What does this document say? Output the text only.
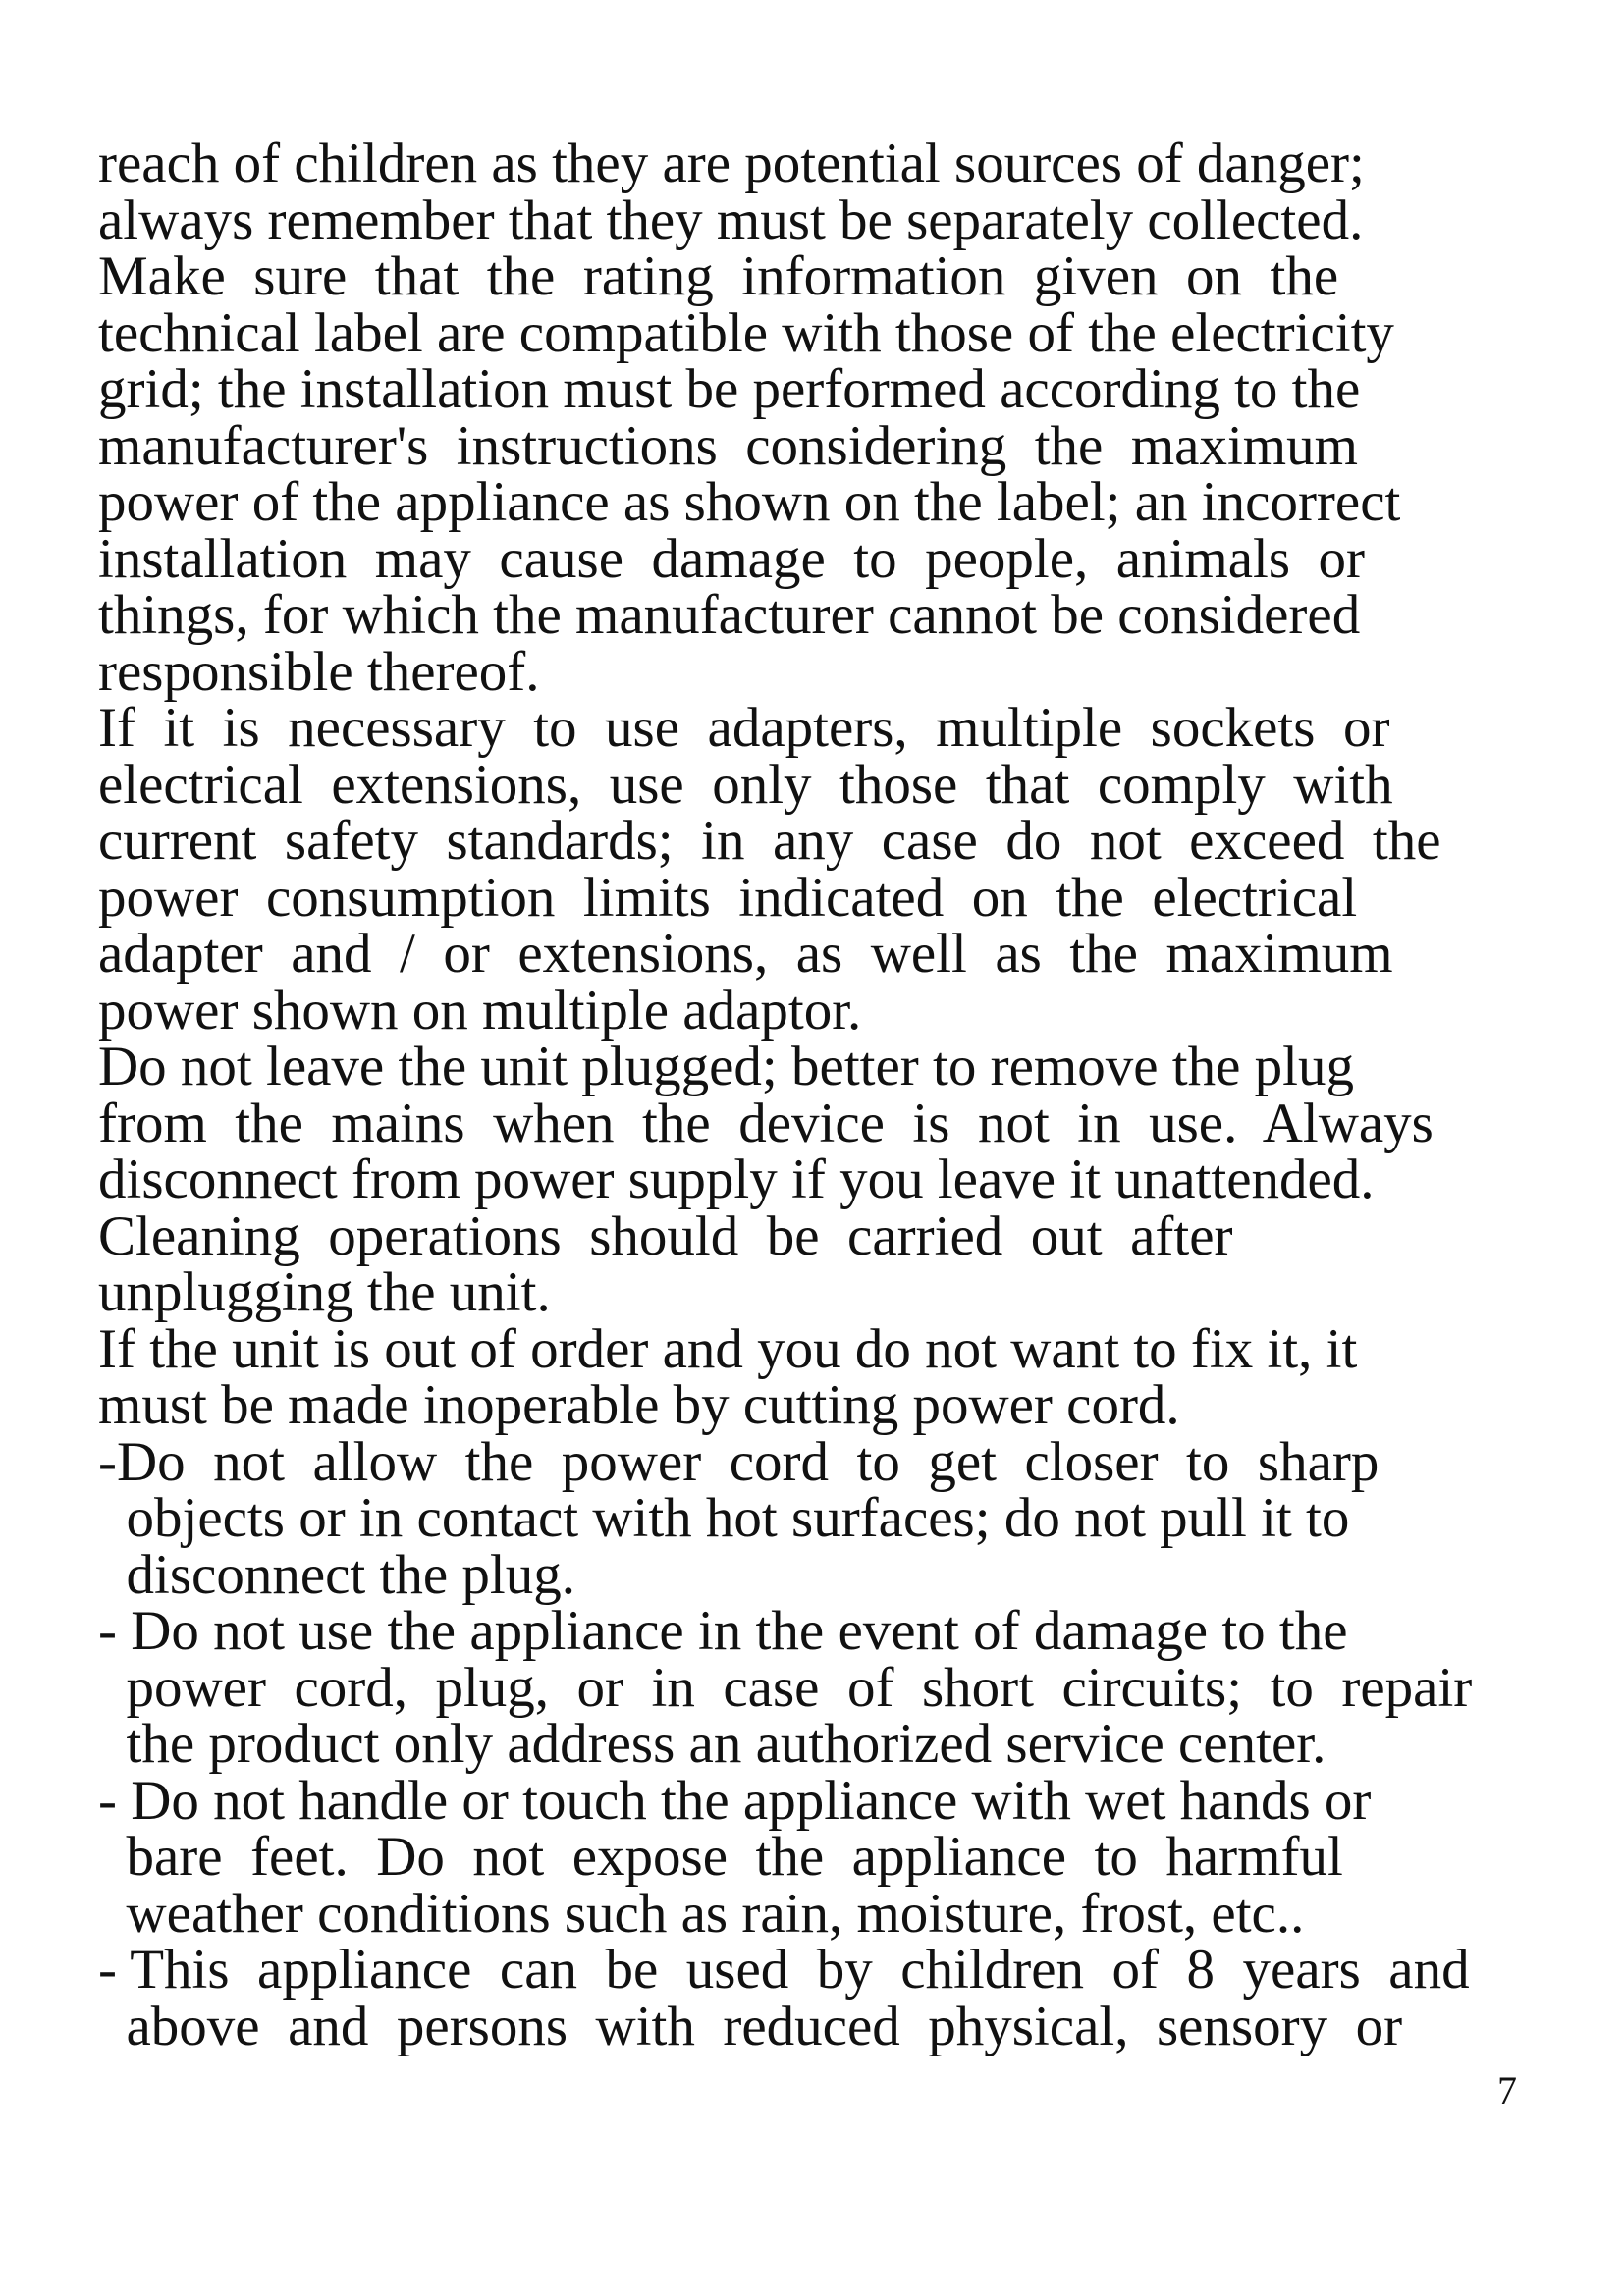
reach of children as they are potential sources of danger;
always remember that they must be separately collected.
Make  sure  that  the  rating  information  given  on  the
technical label are compatible with those of the electricity
grid; the installation must be performed according to the
manufacturer's  instructions  considering  the  maximum
power of the appliance as shown on the label; an incorrect
installation  may  cause  damage  to  people,  animals  or
things, for which the manufacturer cannot be considered
responsible thereof.
If  it  is  necessary  to  use  adapters,  multiple  sockets  or
electrical  extensions,  use  only  those  that  comply  with
current  safety  standards;  in  any  case  do  not  exceed  the
power  consumption  limits  indicated  on  the  electrical
adapter  and  /  or  extensions,  as  well  as  the  maximum
power shown on multiple adaptor.
Do not leave the unit plugged; better to remove the plug
from  the  mains  when  the  device  is  not  in  use.  Always
disconnect from power supply if you leave it unattended.
Cleaning  operations  should  be  carried  out  after
unplugging the unit.
If the unit is out of order and you do not want to fix it, it
must be made inoperable by cutting power cord.
-Do  not  allow  the  power  cord  to  get  closer  to  sharp
objects or in contact with hot surfaces; do not pull it to
disconnect the plug.
- Do not use the appliance in the event of damage to the
power  cord,  plug,  or  in  case  of  short  circuits;  to  repair
the product only address an authorized service center.
- Do not handle or touch the appliance with wet hands or
bare  feet.  Do  not  expose  the  appliance  to  harmful
weather conditions such as rain, moisture, frost, etc..
- This  appliance  can  be  used  by  children  of  8  years  and
above  and  persons  with  reduced  physical,  sensory  or
7
